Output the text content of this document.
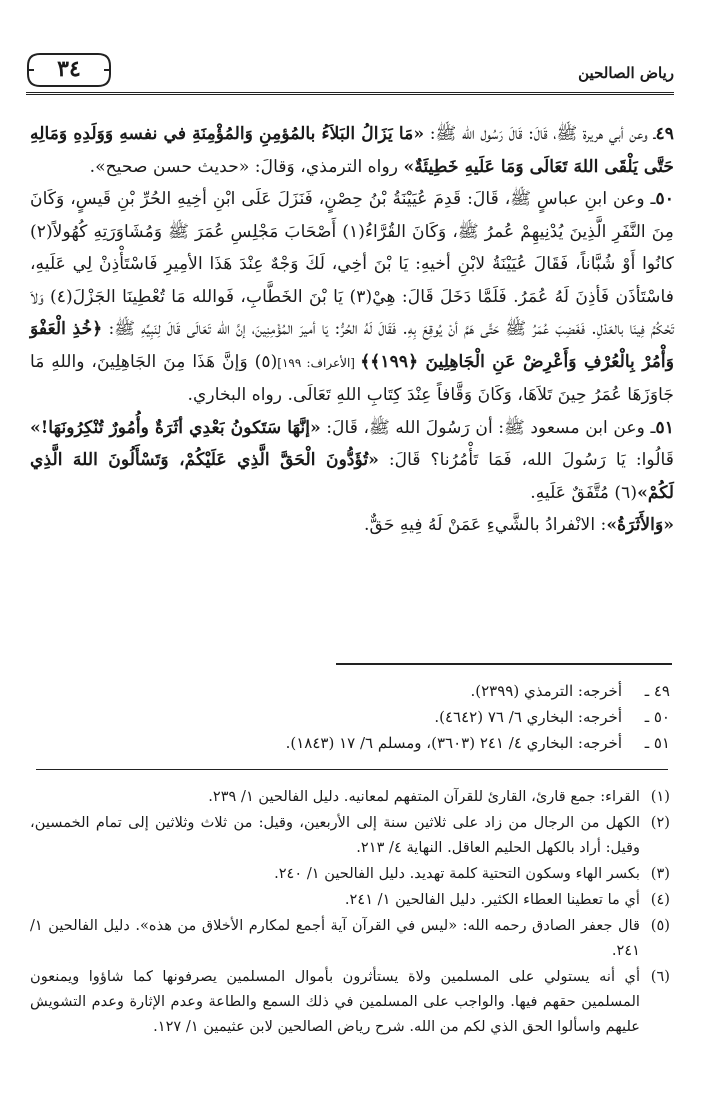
٣٤	رياض الصالحين

٤٩ـ وعن أبي هريرة ﷺ، قَالَ: قَالَ رَسُول الله ﷺ: «مَا يَزَالُ البَلاَءُ بالمُؤمِنِ وَالمُؤْمِنَةِ في نفسهِ وَوَلَدِهِ وَمَالِهِ حَتَّى يَلْقَى اللهَ تَعَالَى وَمَا عَلَيهِ خَطِيئَةٌ» رواه الترمذي، وَقالَ: «حديث حسن صحيح».

٥٠ـ وعن ابنِ عباسٍ ﷺ، قَالَ: قَدِمَ عُيَيْنَةُ بْنُ حِصْنٍ، فَنَزَلَ عَلَى ابْنِ أخِيهِ الحُرِّ بْنِ قَيسٍ، وَكَانَ مِنَ النَّفَرِ الَّذِينَ يُدْنِيهِمْ عُمرُ ﷺ، وَكَانَ القُرَّاءُ(١) أَصْحَابَ مَجْلِسِ عُمَرَ ﷺ وَمُشَاوَرَتِهِ كُهُولاً(٢) كانُوا أَوْ شُبَّاناً، فَقَالَ عُيَيْنَةُ لابْنِ أخيهِ: يَا بْنَ أخِي، لَكَ وَجْهٌ عِنْدَ هَذَا الأمِيرِ فَاسْتَأْذِنْ لِي عَلَيهِ، فاسْتَأذَن فَأذِنَ لَهُ عُمَرُ. فَلَمَّا دَخَلَ قَالَ: هِيْ(٣) يَا بْنَ الخَطَّابِ، فَوالله مَا تُعْطِينَا الجَزْلَ(٤) وَلاَ تَحْكُمُ فِينَا بالعَدْلِ. فَغَضِبَ عُمَرُ ﷺ حَتَّى هَمَّ أنْ يُوقِعَ بِهِ. فَقَالَ لَهُ الحُرُّ: يَا أميرَ المُؤْمِنِينَ، إنَّ الله تَعَالَى قَالَ لِنَبِيِّهِ ﷺ: ﴿خُذِ الْعَفْوَ وَأْمُرْ بِالْعُرْفِ وَأَعْرِضْ عَنِ الْجَاهِلِينَ ﴿١٩٩﴾﴾ [الأعراف: ١٩٩](٥) وَإنَّ هَذَا مِنَ الجَاهِلِينَ، واللهِ مَا جَاوَزَهَا عُمَرُ حِينَ تَلاَهَا، وَكَانَ وَقَّافاً عِنْدَ كِتَابِ اللهِ تَعَالَى. رواه البخاري.

٥١ـ وعن ابن مسعود ﷺ: أن رَسُولَ الله ﷺ، قَالَ: «إنَّهَا سَتَكونُ بَعْدِي أثَرَةٌ وأُمُورٌ تُنْكِرُونَهَا!» قَالُوا: يَا رَسُولَ الله، فَمَا تَأْمُرُنا؟ قَالَ: «تُؤَدُّونَ الْحَقَّ الَّذِي عَلَيْكُمْ، وَتَسْأَلُونَ اللهَ الَّذِي لَكُمْ»(٦) مُتَّفَقٌ عَلَيهِ.

«وَالأَثَرَةُ»: الانْفرادُ بالشَّيءِ عَمَنْ لَهُ فِيهِ حَقٌّ.

٤٩ ـ
أخرجه: الترمذي (٢٣٩٩).
٥٠ ـ
أخرجه: البخاري ٦/ ٧٦ (٤٦٤٢).
٥١ ـ
أخرجه: البخاري ٤/ ٢٤١ (٣٦٠٣)، ومسلم ٦/ ١٧ (١٨٤٣).
(١)
القراء: جمع قارئ، القارئ للقرآن المتفهم لمعانيه. دليل الفالحين ١/ ٢٣٩.
(٢)
الكهل من الرجال من زاد على ثلاثين سنة إلى الأربعين، وقيل: من ثلاث وثلاثين إلى تمام الخمسين، وقيل: أراد بالكهل الحليم العاقل. النهاية ٤/ ٢١٣.
(٣)
بكسر الهاء وسكون التحتية كلمة تهديد. دليل الفالحين ١/ ٢٤٠.
(٤)
أي ما تعطينا العطاء الكثير. دليل الفالحين ١/ ٢٤١.
(٥)
قال جعفر الصادق رحمه الله: «ليس في القرآن آية أجمع لمكارم الأخلاق من هذه». دليل الفالحين ١/ ٢٤١.
(٦)
أي أنه يستولي على المسلمين ولاة يستأثرون بأموال المسلمين يصرفونها كما شاؤوا ويمنعون المسلمين حقهم فيها. والواجب على المسلمين في ذلك السمع والطاعة وعدم الإثارة وعدم التشويش عليهم واسألوا الحق الذي لكم من الله. شرح رياض الصالحين لابن عثيمين ١/ ١٢٧.
